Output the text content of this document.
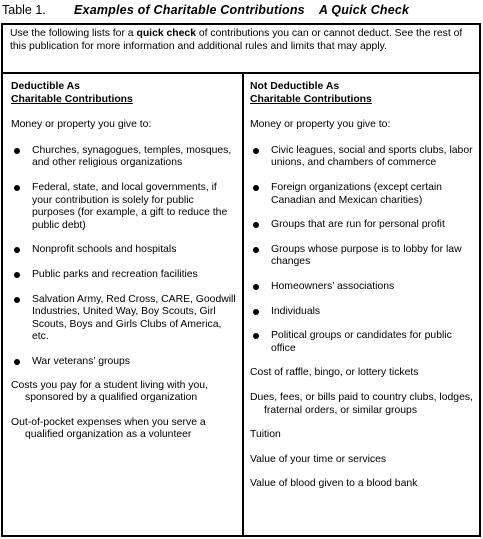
Table 1. Examples of Charitable Contributions A Quick Check
Use the following lists for a quick check of contributions you can or cannot deduct. See the rest of this publication for more information and additional rules and limits that may apply.
Deductible As
Charitable Contributions
Money or property you give to:
Churches, synagogues, temples, mosques, and other religious organizations
Federal, state, and local governments, if your contribution is solely for public purposes (for example, a gift to reduce the public debt)
Nonprofit schools and hospitals
Public parks and recreation facilities
Salvation Army, Red Cross, CARE, Goodwill Industries, United Way, Boy Scouts, Girl Scouts, Boys and Girls Clubs of America, etc.
War veterans’ groups
Costs you pay for a student living with you, sponsored by a qualified organization
Out-of-pocket expenses when you serve a qualified organization as a volunteer
Not Deductible As
Charitable Contributions
Money or property you give to:
Civic leagues, social and sports clubs, labor unions, and chambers of commerce
Foreign organizations (except certain Canadian and Mexican charities)
Groups that are run for personal profit
Groups whose purpose is to lobby for law changes
Homeowners’ associations
Individuals
Political groups or candidates for public office
Cost of raffle, bingo, or lottery tickets
Dues, fees, or bills paid to country clubs, lodges, fraternal orders, or similar groups
Tuition
Value of your time or services
Value of blood given to a blood bank
